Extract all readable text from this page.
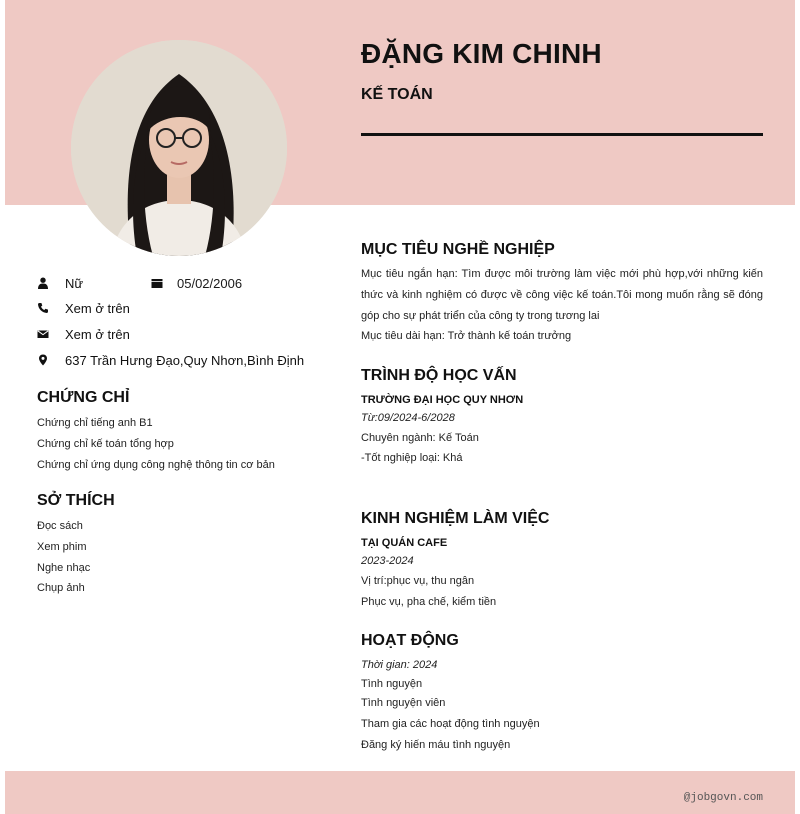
ĐẶNG KIM CHINH
KẾ TOÁN
Nữ	05/02/2006
Xem ở trên
Xem ở trên
637 Trần Hưng Đạo,Quy Nhơn,Bình Định
CHỨNG CHỈ
Chứng chỉ tiếng anh B1
Chứng chỉ kế toán tổng hợp
Chứng chỉ ứng dụng công nghệ thông tin cơ bản
SỞ THÍCH
Đọc sách
Xem phim
Nghe nhạc
Chụp ảnh
MỤC TIÊU NGHỀ NGHIỆP
Mục tiêu ngắn hạn: Tìm được môi trường làm việc mới phù hợp,với những kiến thức và kinh nghiệm có được về công việc kế toán.Tôi mong muốn rằng sẽ đóng góp cho sự phát triển của công ty trong tương lai
Mục tiêu dài hạn: Trở thành kế toán trưởng
TRÌNH ĐỘ HỌC VẤN
TRƯỜNG ĐẠI HỌC QUY NHƠN
Từ:09/2024-6/2028
Chuyên ngành: Kế Toán
-Tốt nghiệp loại: Khá
KINH NGHIỆM LÀM VIỆC
TẠI QUÁN CAFE
2023-2024
Vị trí:phục vụ, thu ngân
Phục vụ, pha chế, kiểm tiền
HOẠT ĐỘNG
Thời gian: 2024
Tình nguyện
Tình nguyện viên
Tham gia các hoạt động tình nguyện
Đăng ký hiến máu tình nguyện
@jobgovn.com
